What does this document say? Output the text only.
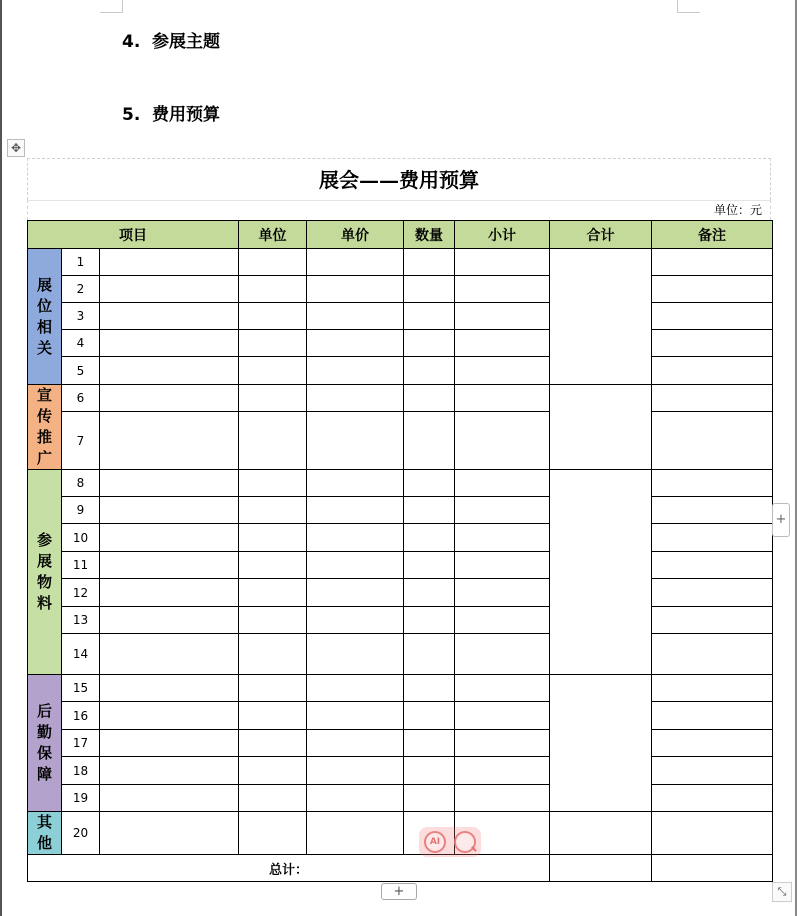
4. 参展主题
5. 费用预算
✥
展会——费用预算
单位：元
项目			单位	单价	数量	小计	合计	备注

展位相关	1							
	2							
	3							
	4							
	5							

宣传推广	6							
	7							

参展物料	8							
	9							
	10							
	11							
	12							
	13							
	14							

后勤保障	15							
	16							
	17							
	18							
	19							

其他	20							
总计：								
+
+	⤡
AI
